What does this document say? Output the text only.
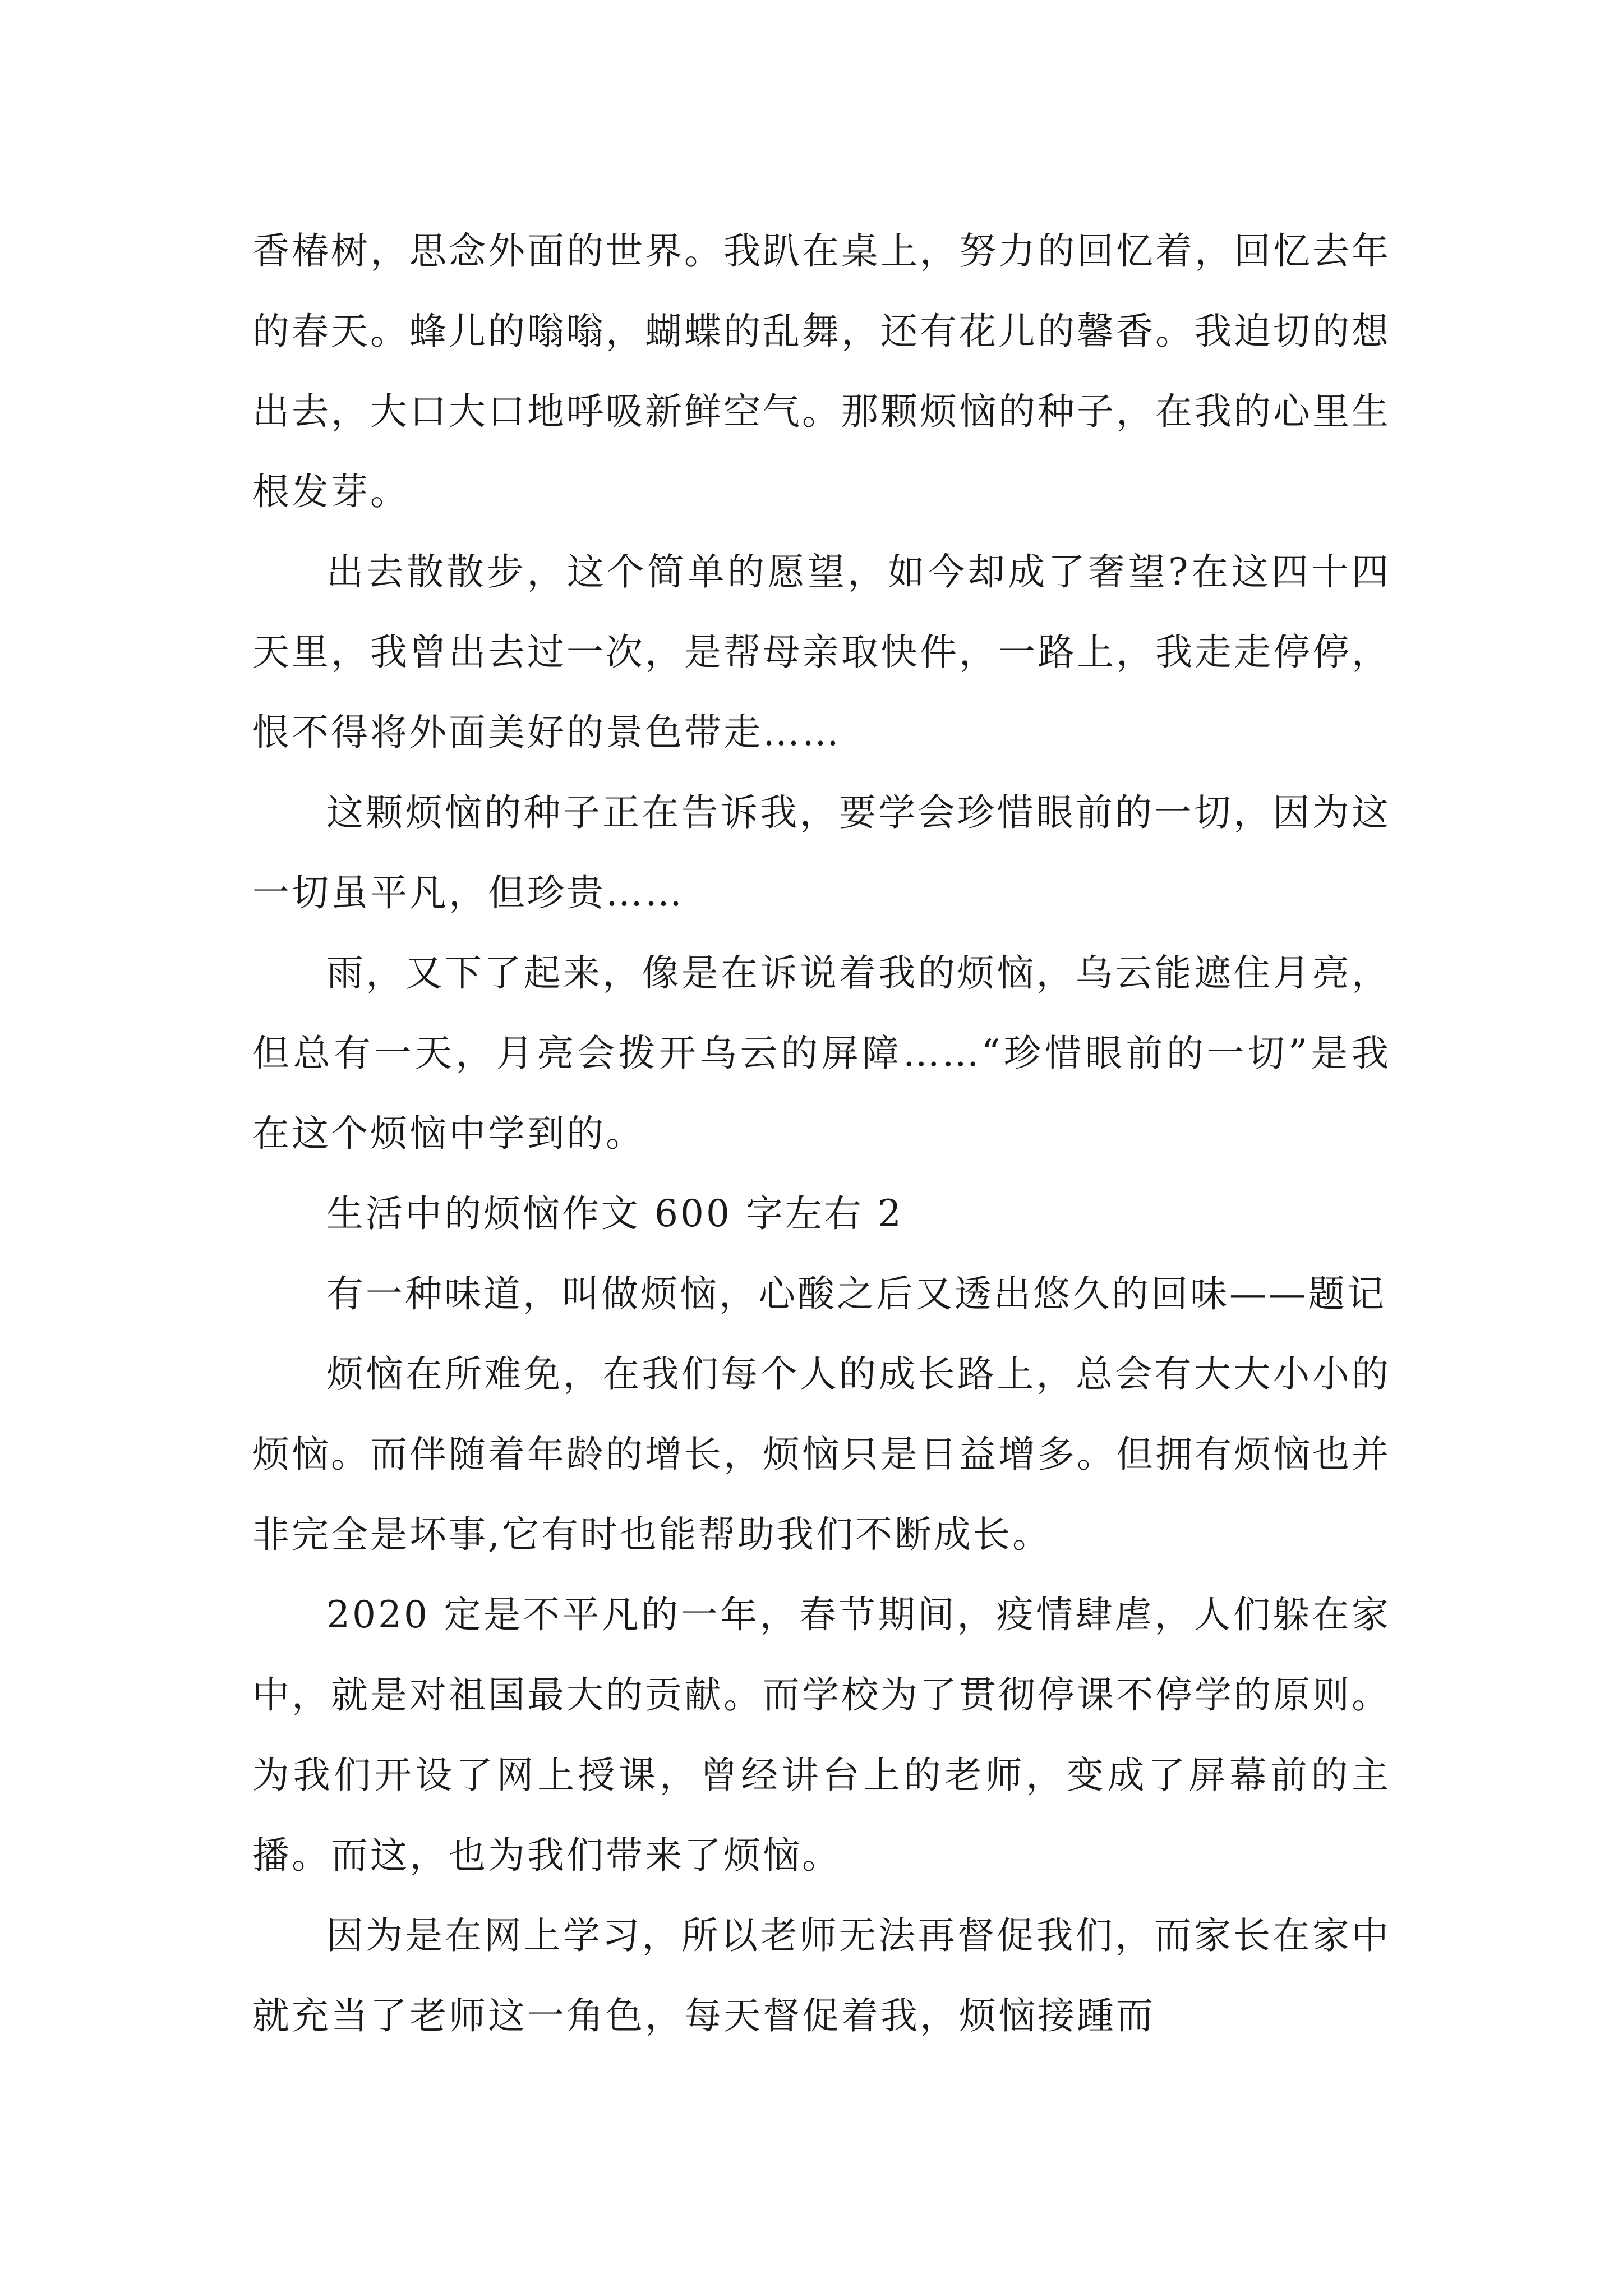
香椿树，思念外面的世界。我趴在桌上，努力的回忆着，回忆去年的春天。蜂儿的嗡嗡，蝴蝶的乱舞，还有花儿的馨香。我迫切的想出去，大口大口地呼吸新鲜空气。那颗烦恼的种子，在我的心里生根发芽。

出去散散步，这个简单的愿望，如今却成了奢望?在这四十四天里，我曾出去过一次，是帮母亲取快件，一路上，我走走停停，恨不得将外面美好的景色带走……

这颗烦恼的种子正在告诉我，要学会珍惜眼前的一切，因为这一切虽平凡，但珍贵……

雨，又下了起来，像是在诉说着我的烦恼，乌云能遮住月亮，但总有一天，月亮会拨开乌云的屏障……“珍惜眼前的一切”是我在这个烦恼中学到的。

生活中的烦恼作文 600 字左右 2

有一种味道，叫做烦恼，心酸之后又透出悠久的回味——题记

烦恼在所难免，在我们每个人的成长路上，总会有大大小小的烦恼。而伴随着年龄的增长，烦恼只是日益增多。但拥有烦恼也并非完全是坏事,它有时也能帮助我们不断成长。

2020 定是不平凡的一年，春节期间，疫情肆虐，人们躲在家中，就是对祖国最大的贡献。而学校为了贯彻停课不停学的原则。为我们开设了网上授课，曾经讲台上的老师，变成了屏幕前的主播。而这，也为我们带来了烦恼。

因为是在网上学习，所以老师无法再督促我们，而家长在家中就充当了老师这一角色，每天督促着我，烦恼接踵而
